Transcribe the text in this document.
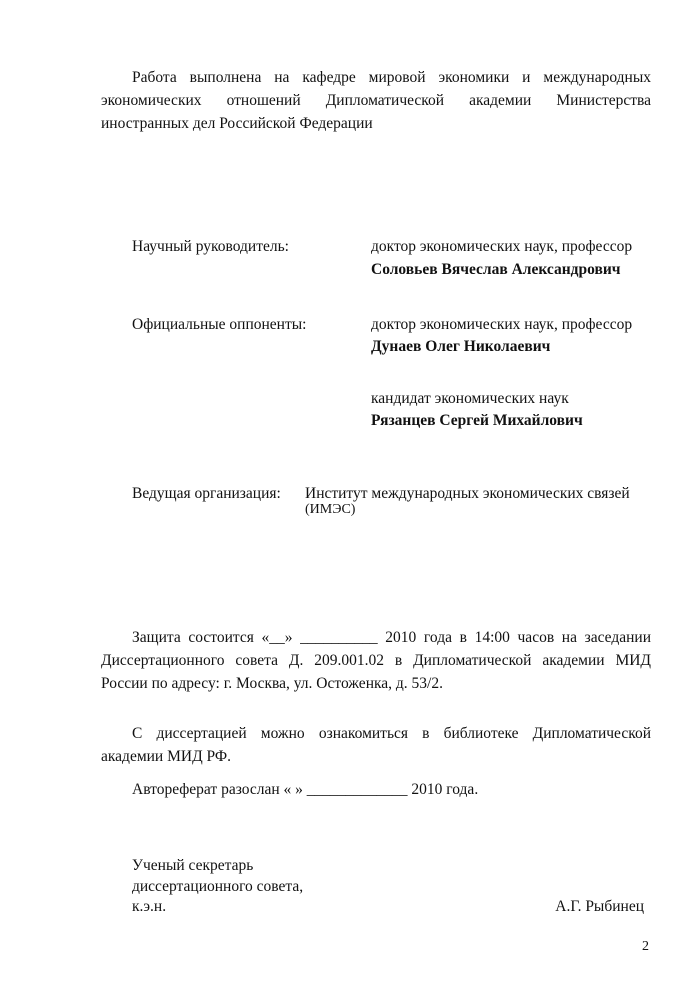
Работа выполнена на кафедре мировой экономики и международных экономических отношений Дипломатической академии Министерства иностранных дел Российской Федерации
Научный руководитель:	доктор экономических наук, профессор
Соловьев Вячеслав Александрович
Официальные оппоненты:	доктор экономических наук, профессор
Дунаев Олег Николаевич
кандидат экономических наук
Рязанцев Сергей Михайлович
Ведущая организация: Институт международных экономических связей
(ИМЭС)
Защита состоится «__» __________ 2010 года в 14:00 часов на заседании Диссертационного совета Д. 209.001.02 в Дипломатической академии МИД России по адресу: г. Москва, ул. Остоженка, д. 53/2.
С диссертацией можно ознакомиться в библиотеке Дипломатической академии МИД РФ.
Автореферат разослан « » _____________ 2010 года.
Ученый секретарь
диссертационного совета,
к.э.н.	А.Г. Рыбинец
2
